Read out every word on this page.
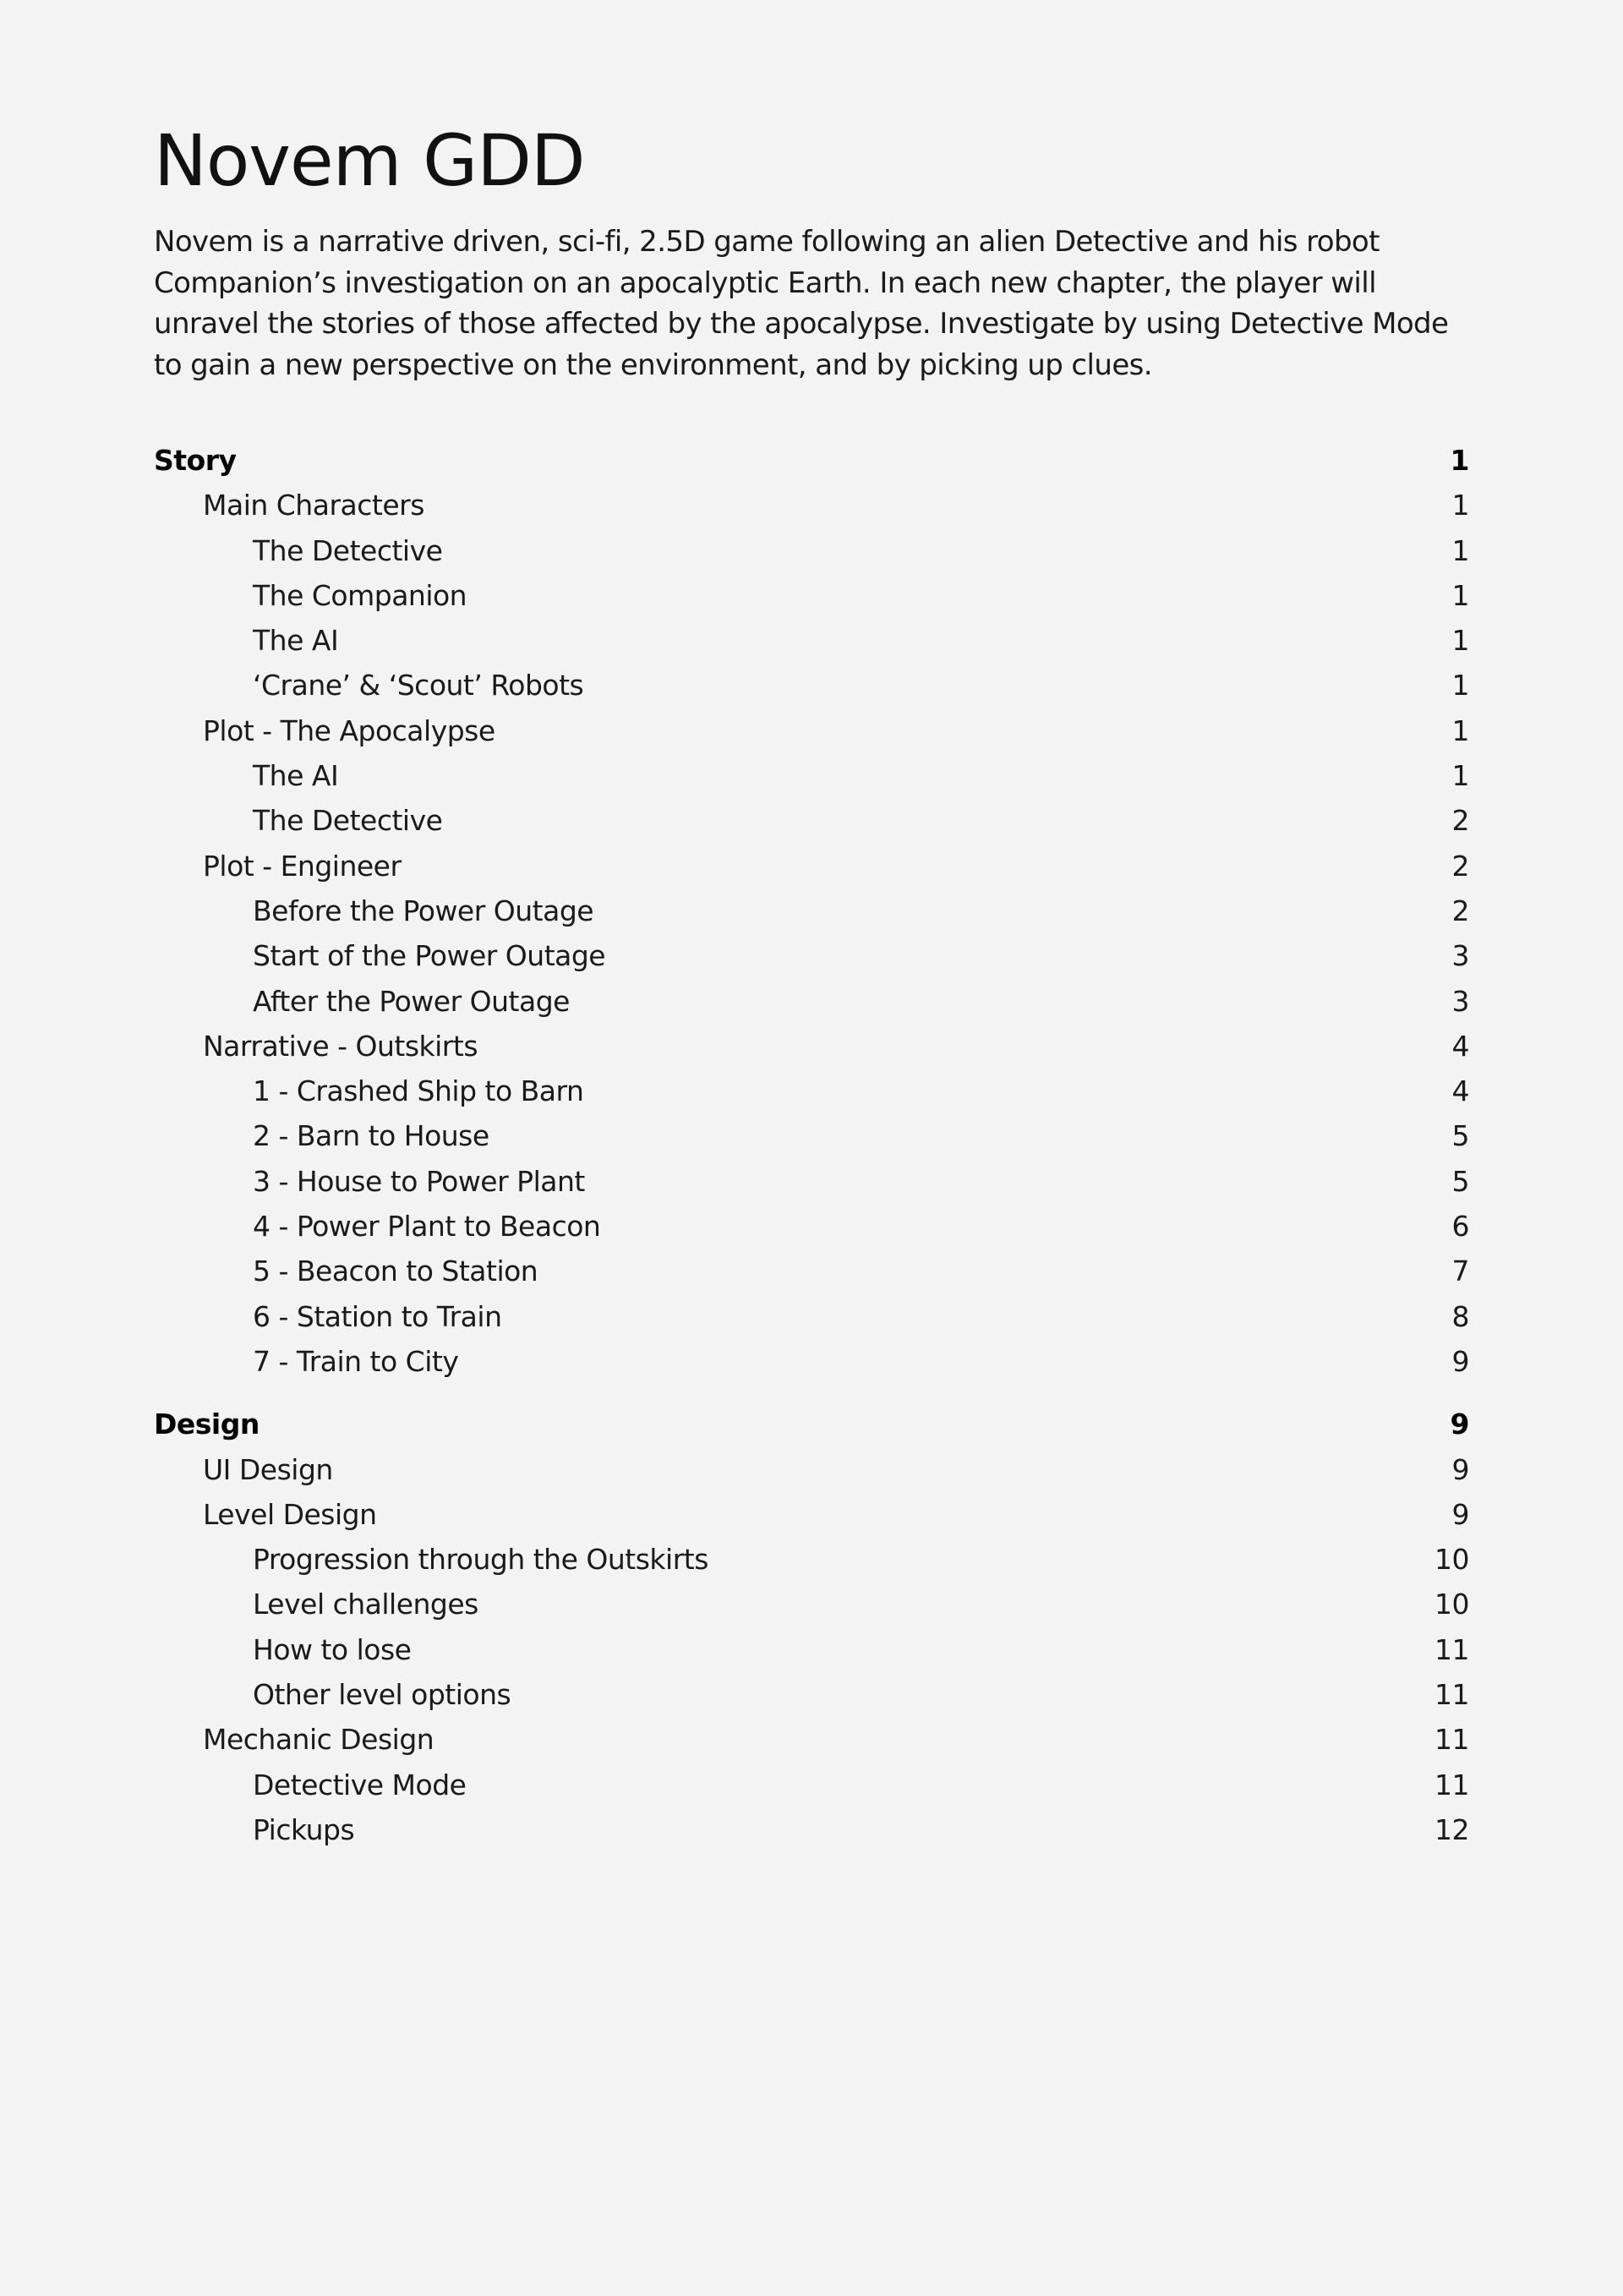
Novem GDD

Novem is a narrative driven, sci-fi, 2.5D game following an alien Detective and his robot Companion’s investigation on an apocalyptic Earth. In each new chapter, the player will unravel the stories of those affected by the apocalypse. Investigate by using Detective Mode to gain a new perspective on the environment, and by picking up clues.

Story	1
Main Characters	1
The Detective	1
The Companion	1
The AI	1
‘Crane’ & ‘Scout’ Robots	1
Plot - The Apocalypse	1
The AI	1
The Detective	2
Plot - Engineer	2
Before the Power Outage	2
Start of the Power Outage	3
After the Power Outage	3
Narrative - Outskirts	4
1 - Crashed Ship to Barn	4
2 - Barn to House	5
3 - House to Power Plant	5
4 - Power Plant to Beacon	6
5 - Beacon to Station	7
6 - Station to Train	8
7 - Train to City	9
Design	9
UI Design	9
Level Design	9
Progression through the Outskirts	10
Level challenges	10
How to lose	11
Other level options	11
Mechanic Design	11
Detective Mode	11
Pickups	12
